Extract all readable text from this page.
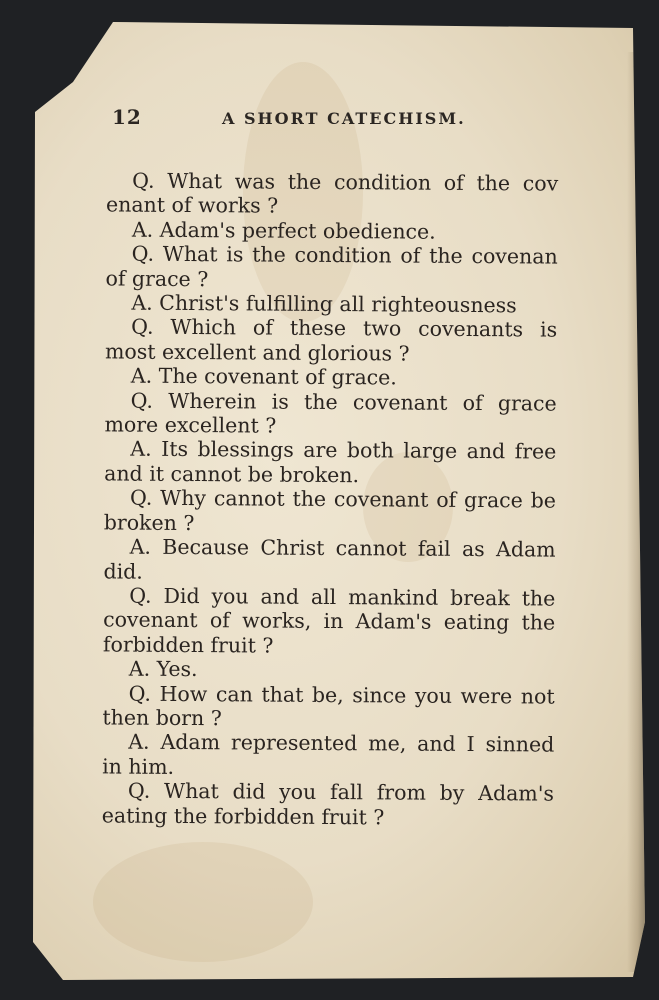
12	A SHORT CATECHISM.
Q. What was the condition of the cov
enant of works ?
A. Adam's perfect obedience.
Q. What is the condition of the covenan
of grace ?
A. Christ's fulfilling all righteousness
Q. Which of these two covenants is
most excellent and glorious ?
A. The covenant of grace.
Q. Wherein is the covenant of grace
more excellent ?
A. Its blessings are both large and free
and it cannot be broken.
Q. Why cannot the covenant of grace be
broken ?
A. Because Christ cannot fail as Adam
did.
Q. Did you and all mankind break the
covenant of works, in Adam's eating the
forbidden fruit ?
A. Yes.
Q. How can that be, since you were not
then born ?
A. Adam represented me, and I sinned
in him.
Q. What did you fall from by Adam's
eating the forbidden fruit ?
